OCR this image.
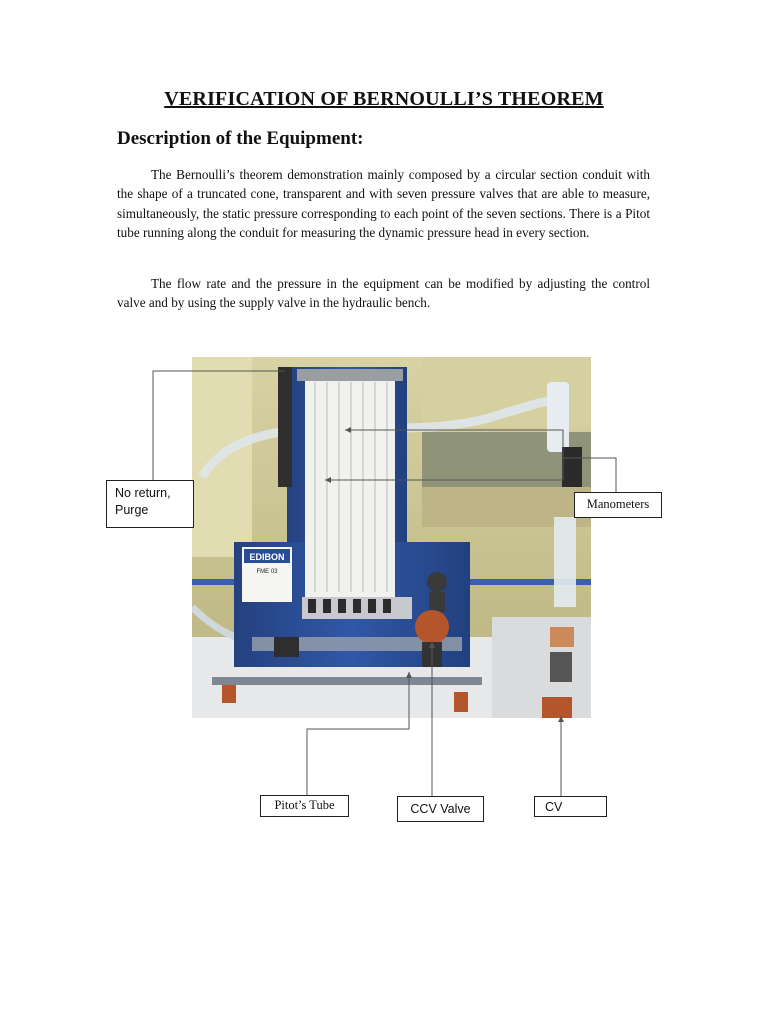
VERIFICATION OF BERNOULLI’S THEOREM
Description of the Equipment:

The Bernoulli’s theorem demonstration mainly composed by a circular section conduit with the shape of a truncated cone, transparent and with seven pressure valves that are able to measure, simultaneously, the static pressure corresponding to each point of the seven sections. There is a Pitot tube running along the conduit for measuring the dynamic pressure head in every section.

The flow rate and the pressure in the equipment can be modified by adjusting the control valve and by using the supply valve in the hydraulic bench.

EDIBON
FME 03
No return,
Purge	Manometers
Pitot’s Tube	CCV Valve	CV
